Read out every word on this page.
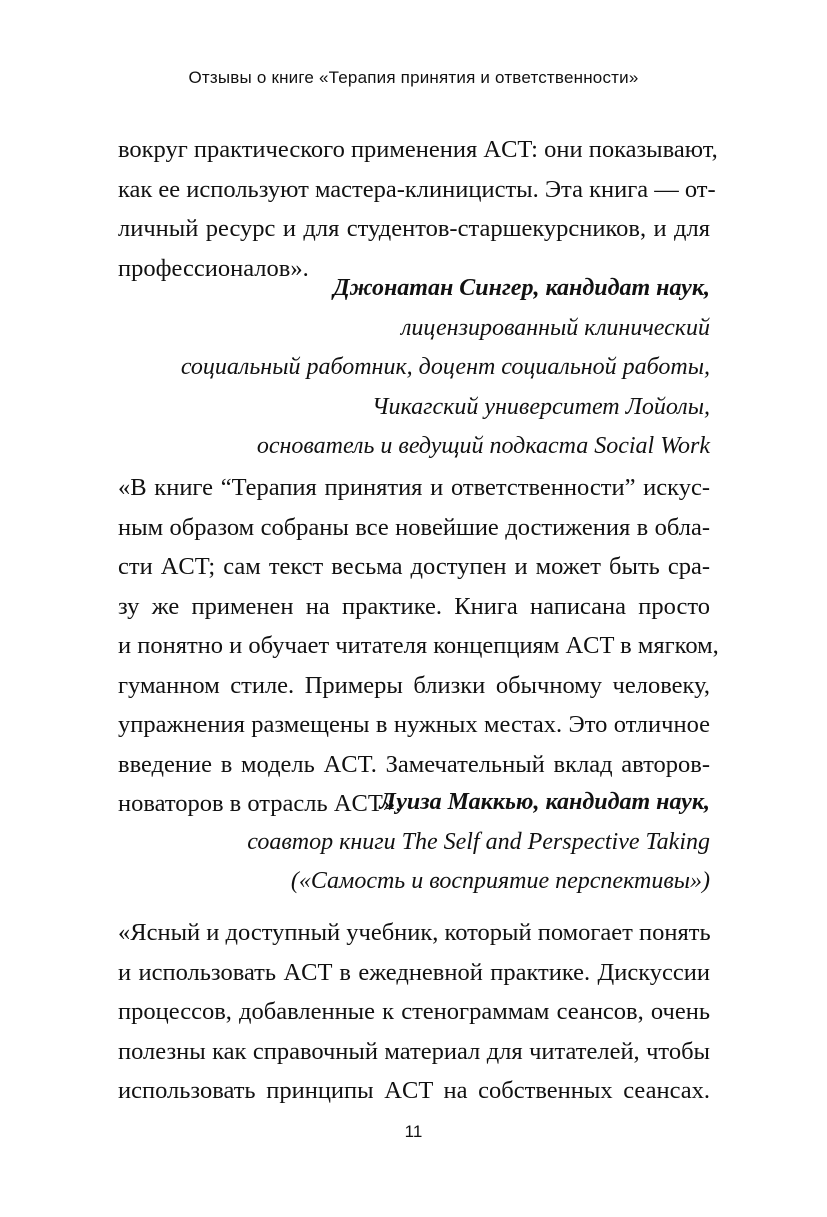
Отзывы о книге «Терапия принятия и ответственности»

вокруг практического применения ACT: они показывают,
как ее используют мастера-клиницисты. Эта книга — от-
личный ресурс и для студентов-старшекурсников, и для
профессионалов».

Джонатан Сингер, кандидат наук,
лицензированный клинический
социальный работник, доцент социальной работы,
Чикагский университет Лойолы,
основатель и ведущий подкаста Social Work

«В книге “Терапия принятия и ответственности” искус-
ным образом собраны все новейшие достижения в обла-
сти ACT; сам текст весьма доступен и может быть сра-
зу же применен на практике. Книга написана просто
и понятно и обучает читателя концепциям ACT в мягком,
гуманном стиле. Примеры близки обычному человеку,
упражнения размещены в нужных местах. Это отличное
введение в модель ACT. Замечательный вклад авторов-
новаторов в отрасль ACT».

Луиза Маккью, кандидат наук,
соавтор книги The Self and Perspective Taking
(«Самость и восприятие перспективы»)

«Ясный и доступный учебник, который помогает понять
и использовать ACT в ежедневной практике. Дискуссии
процессов, добавленные к стенограммам сеансов, очень
полезны как справочный материал для читателей, чтобы
использовать принципы ACT на собственных сеансах.

11
